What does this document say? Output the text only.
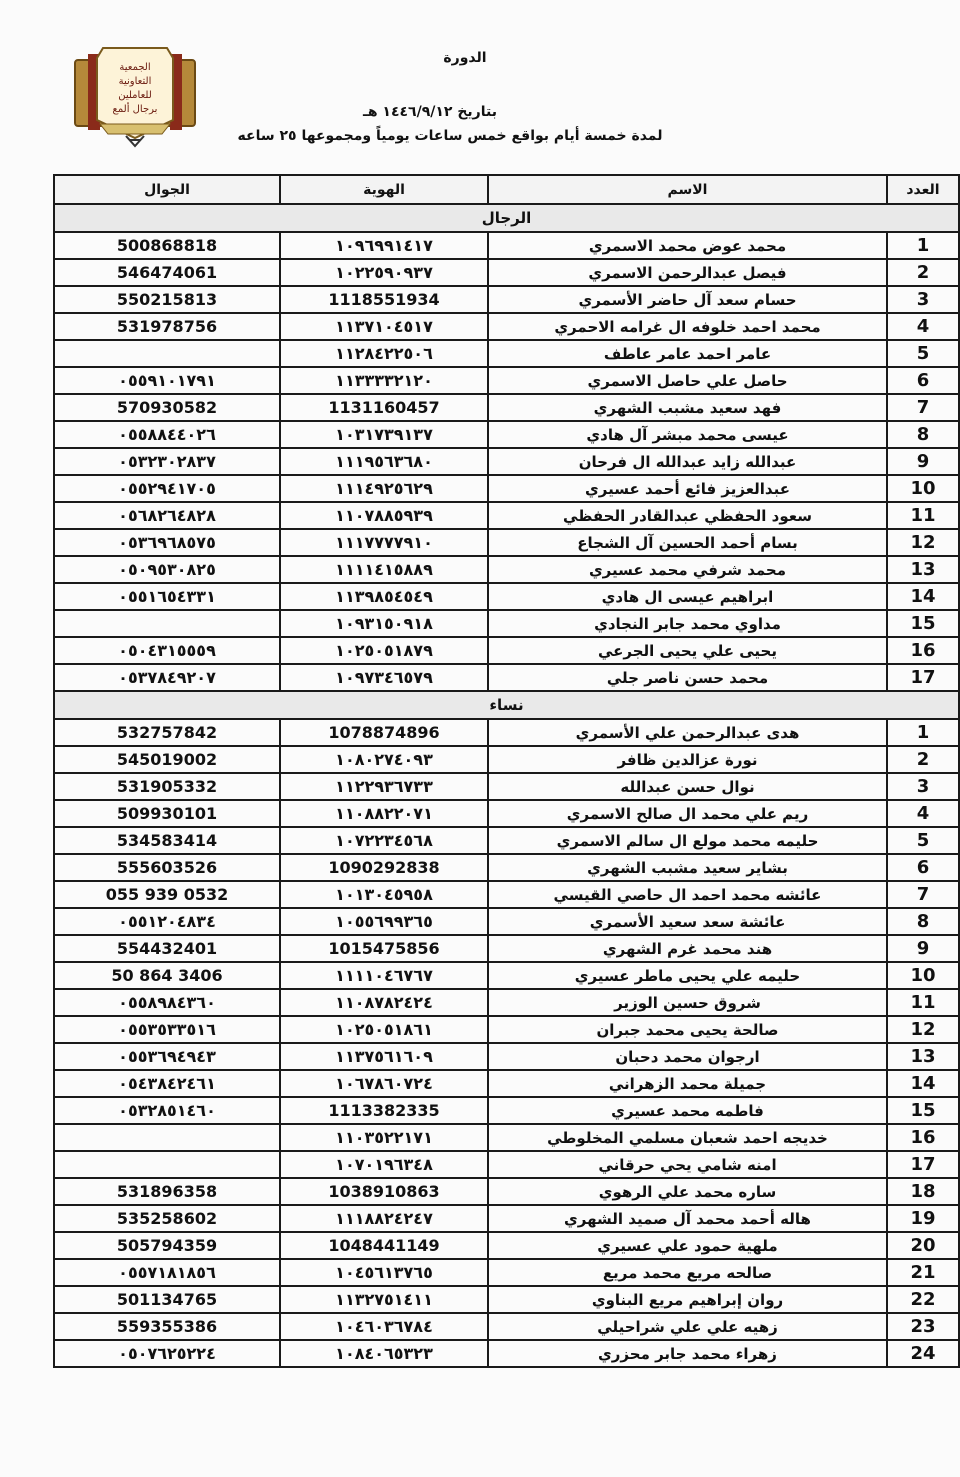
الجمعية
التعاونية
للعاملين
برجال ألمع
الدورة
بتاريخ ١٤٤٦/٩/١٢ هـ
لمدة خمسة أيام بواقع خمس ساعات يومياً ومجموعها ٢٥ ساعه
العدد	الاسم	الهوية	الجوال
الرجال			
1	محمد عوض محمد الاسمري	١٠٩٦٩٩١٤١٧	500868818
2	فيصل عبدالرحمن الاسمري	١٠٢٢٥٩٠٩٣٧	546474061
3	حسام سعد آل حاضر الأسمري	1118551934	550215813
4	محمد احمد خلوفه ال غرامه الاحمري	١١٣٧١٠٤٥١٧	531978756
5	عامر احمد عامر عاطف	١١٢٨٤٢٢٥٠٦	
6	حاصل علي حاصل الاسمري	١١٣٣٣٣٢١٢٠	٠٥٥٩١٠١٧٩١
7	فهد سعيد مشبب الشهري	1131160457	570930582
8	عيسى محمد مبشر آل هادي	١٠٣١٧٣٩١٣٧	٠٥٥٨٨٤٤٠٢٦
9	عبدالله زايد عبدالله ال فرحان	١١١٩٥٦٣٦٨٠	٠٥٣٢٣٠٢٨٣٧
10	عبدالعزيز فائع أحمد عسيري	١١١٤٩٢٥٦٢٩	٠٥٥٢٩٤١٧٠٥
11	سعود الحفظي عبدالقادر الحفظي	١١٠٧٨٨٥٩٣٩	٠٥٦٨٢٦٤٨٢٨
12	بسام أحمد الحسين آل الشجاع	١١١٧٧٧٧٩١٠	٠٥٣٦٩٦٨٥٧٥
13	محمد شرفي محمد عسيري	١١١١٤١٥٨٨٩	٠٥٠٩٥٣٠٨٢٥
14	ابراهيم عيسى ال هادي	١١٣٩٨٥٤٥٤٩	٠٥٥١٦٥٤٣٣١
15	مداوي محمد جابر النجادي	١٠٩٣١٥٠٩١٨	
16	يحيى علي يحيى الجرعي	١٠٢٥٠٥١٨٧٩	٠٥٠٤٣١٥٥٥٩
17	محمد حسن ناصر جلي	١٠٩٧٣٤٦٥٧٩	٠٥٣٧٨٤٩٢٠٧
نساء			
1	هدى عبدالرحمن علي الأسمري	1078874896	532757842
2	نورة عزالدين ظافر	١٠٨٠٢٧٤٠٩٣	545019002
3	نوال حسن عبدالله	١١٢٢٩٣٦٧٣٣	531905332
4	ريم علي محمد ال صالح الاسمري	١١٠٨٨٢٢٠٧١	509930101
5	حليمه محمد مولع ال سالم الاسمري	١٠٧٢٢٣٤٥٦٨	534583414
6	بشاير سعيد مشبب الشهري	1090292838	555603526
7	عائشه محمد احمد ال حاصي القيسي	١٠١٣٠٤٥٩٥٨	055 939 0532
8	عائشة سعد سعيد الأسمري	١٠٥٥٦٩٩٣٦٥	٠٥٥١٢٠٤٨٣٤
9	هند محمد غرم الشهري	1015475856	554432401
10	حليمه علي يحيى ماطر عسيري	١١١١٠٤٦٧٦٧	50 864 3406
11	شروق حسين الوزير	١١٠٨٧٨٢٤٢٤	٠٥٥٨٩٨٤٣٦٠
12	صالحة يحيى محمد جبران	١٠٢٥٠٥١٨٦١	٠٥٥٣٥٣٣٥١٦
13	ارجوان محمد دحبان	١١٣٧٥٦١٦٠٩	٠٥٥٣٦٩٤٩٤٣
14	جميلة محمد الزهراني	١٠٦٧٨٦٠٧٢٤	٠٥٤٣٨٤٢٤٦١
15	فاطمه محمد عسيري	1113382335	٠٥٣٢٨٥١٤٦٠
16	خديجه احمد شعبان مسلمي المخلوطي	١١٠٣٥٢٢١٧١	
17	امنه شامي يحي حرقاني	١٠٧٠١٩٦٣٤٨	
18	ساره محمد علي الرهوي	1038910863	531896358
19	هاله أحمد محمد آل صميد الشهري	١١١٨٨٢٤٢٤٧	535258602
20	ملهية حمود علي عسيري	1048441149	505794359
21	صالحه مريع محمد مريع	١٠٤٥٦١٣٧٦٥	٠٥٥٧١٨١٨٥٦
22	روان إبراهيم مريع البناوي	١١٣٢٧٥١٤١١	501134765
23	زهيه علي علي شراحيلي	١٠٤٦٠٣٦٧٨٤	559355386
24	زهراء محمد جابر محزري	١٠٨٤٠٦٥٣٢٣	٠٥٠٧٦٢٥٢٢٤
